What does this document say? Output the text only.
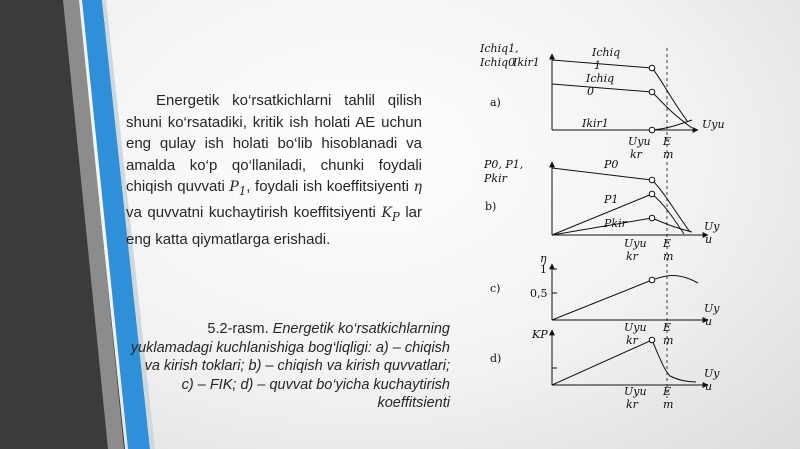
Energetik ko‘rsatkichlarni tahlil qilish shuni ko‘rsatadiki, kritik ish holati AE uchun eng qulay ish holati bo‘lib hisoblanadi va amalda ko‘p qo‘llaniladi, chunki foydali chiqish quvvati $P_1$, foydali ish koeffitsiyenti η va quvvatni kuchaytirish koeffitsiyenti $K_P$ lar eng katta qiymatlarga erishadi.
5.2-rasm. Energetik ko‘rsatkichlarning yuklamadagi kuchlanishiga bog‘liqligi: a) – chiqish va kirish toklari; b) – chiqish va kirish quvvatlari; c) – FIK; d) – quvvat bo‘yicha kuchaytirish koeffitsienti
Ichiq1,
Ichiq0
Ikir1
Ichiq
1
Ichiq
0
Ikir1	Uyu
Uyu
kr
E
m
a)
P0, P1,
Pkir
P0
P1
Pkir	Uy
u
Uyu
kr
E
m
b)
η
1
0,5
Uy
u
Uyu
kr
E
m
c)
KP
Uy
u
Uyu
kr
E
m
d)
